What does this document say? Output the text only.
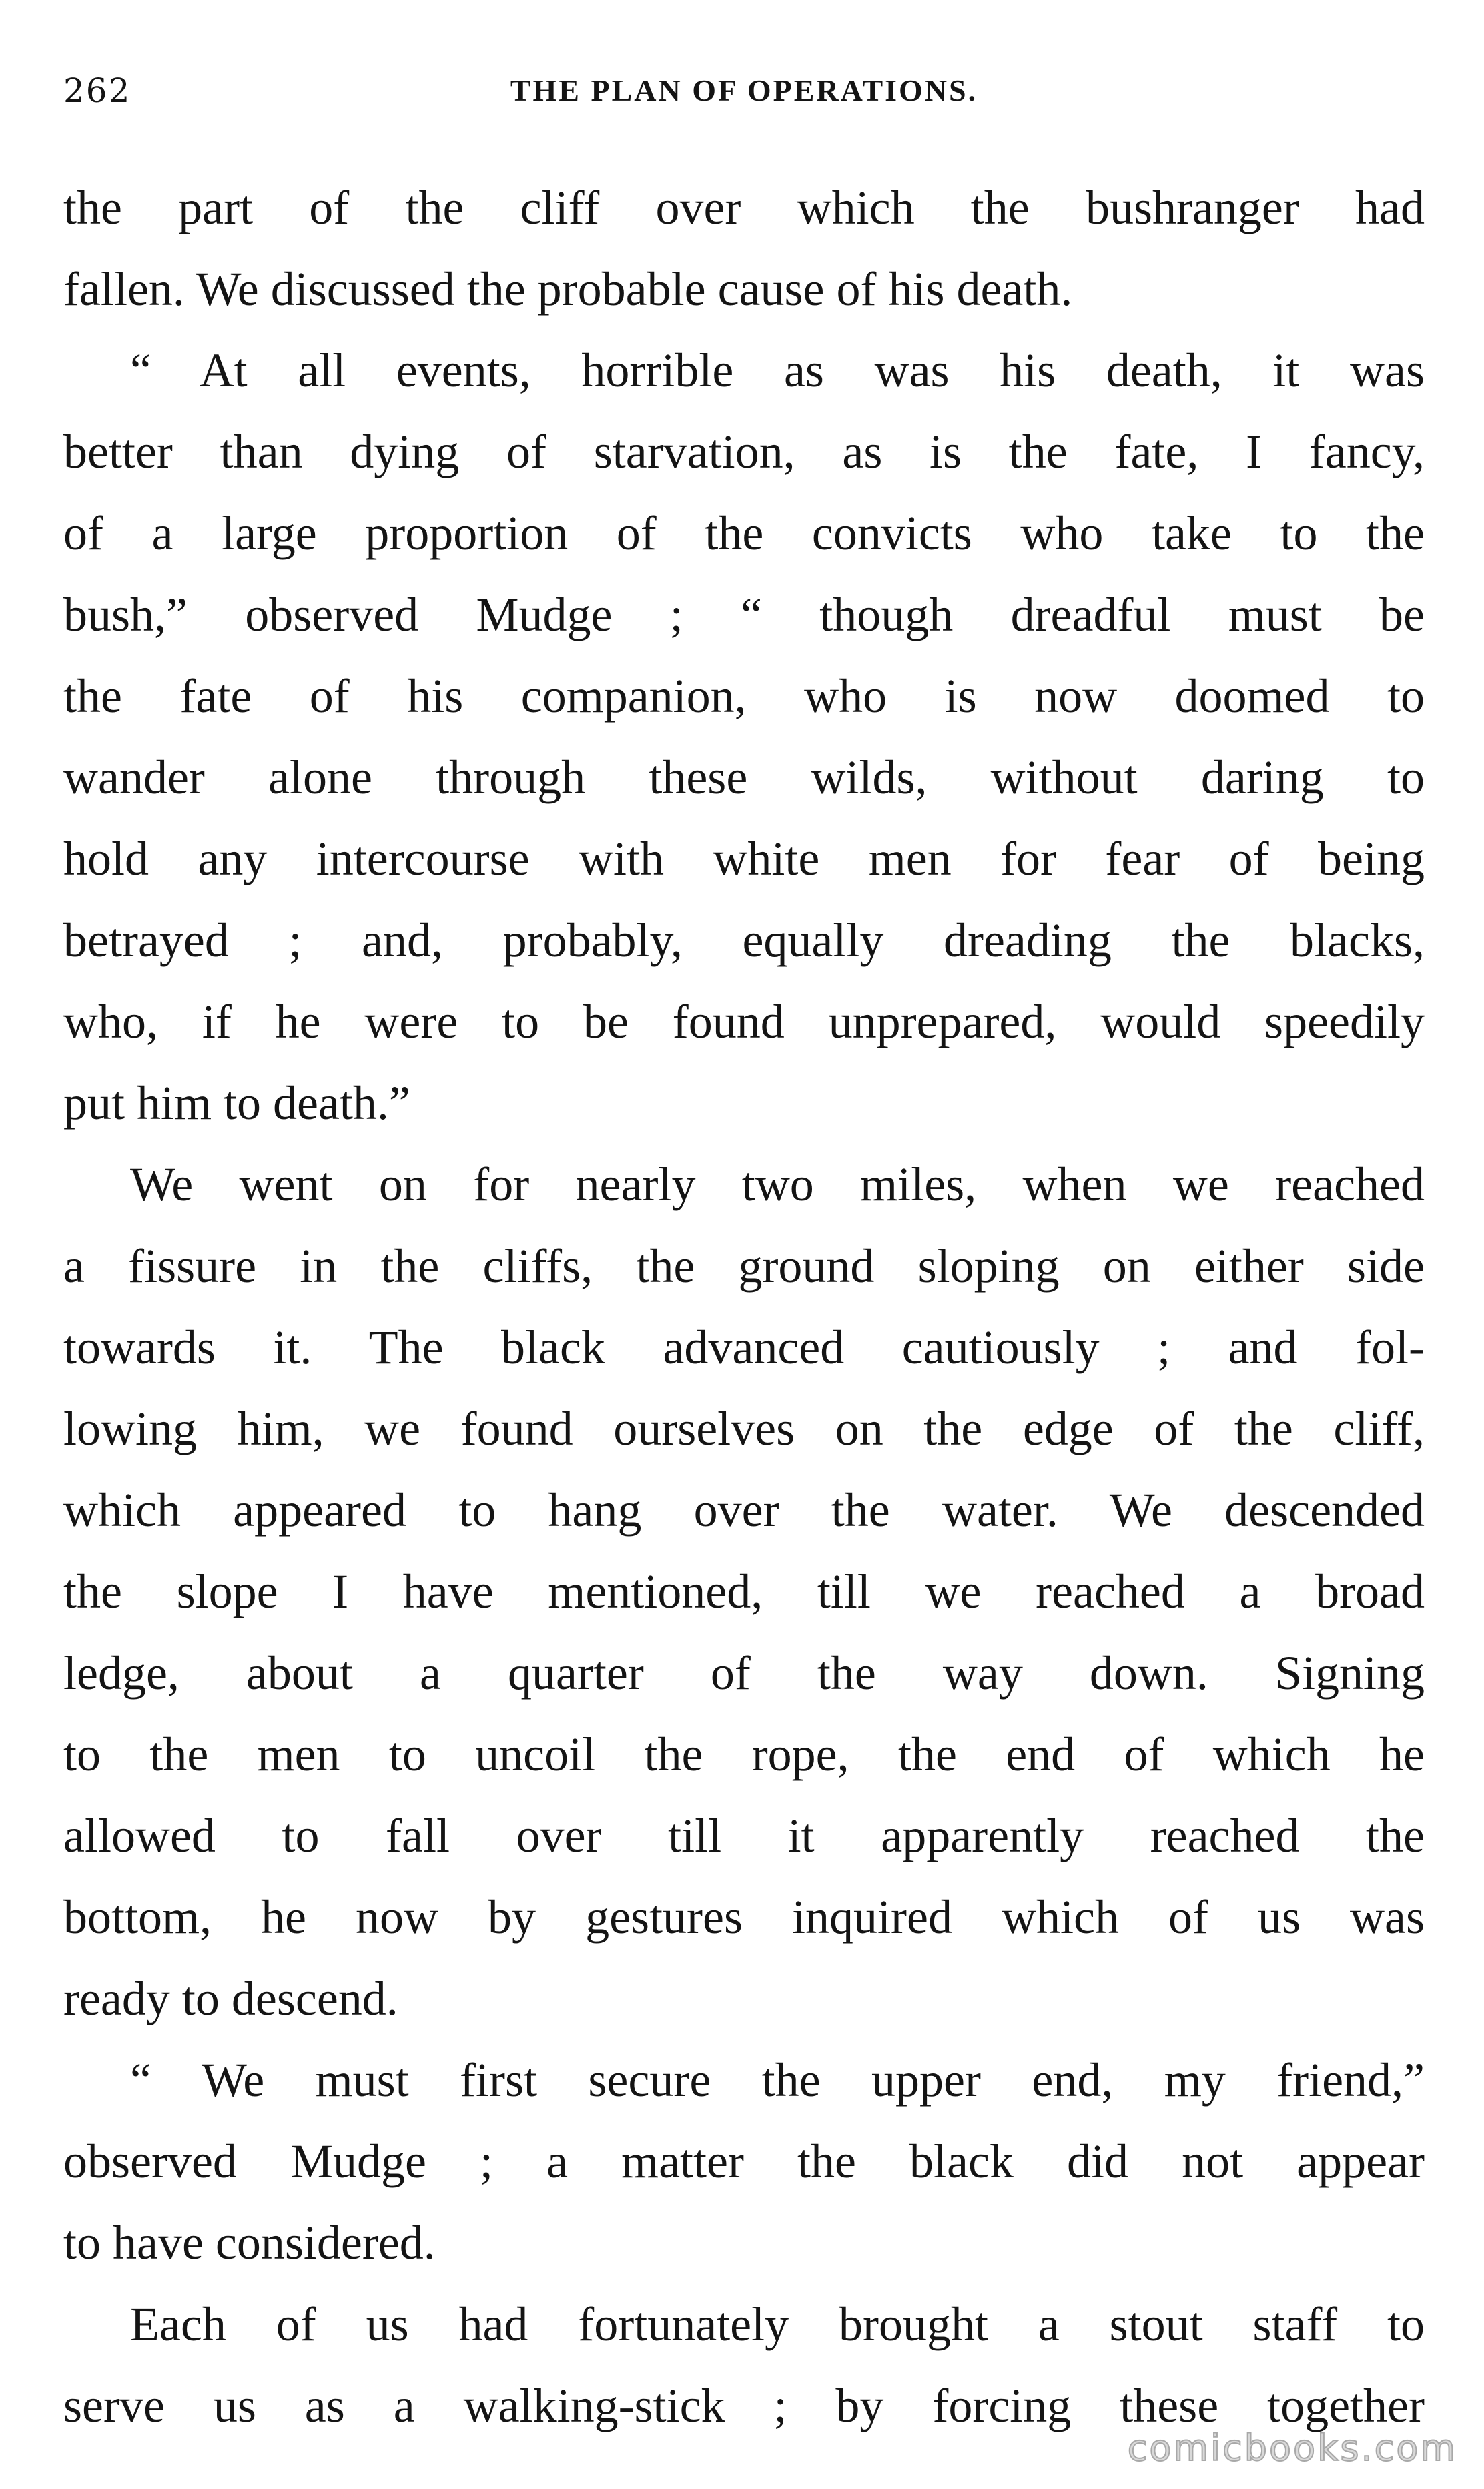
262	THE PLAN OF OPERATIONS.
the part of the cliff over which the bushranger had
fallen. We discussed the probable cause of his death.
“ At all events, horrible as was his death, it was
better than dying of starvation, as is the fate, I fancy,
of a large proportion of the convicts who take to the
bush,” observed Mudge ; “ though dreadful must be
the fate of his companion, who is now doomed to
wander alone through these wilds, without daring to
hold any intercourse with white men for fear of being
betrayed ; and, probably, equally dreading the blacks,
who, if he were to be found unprepared, would speedily
put him to death.”
We went on for nearly two miles, when we reached
a fissure in the cliffs, the ground sloping on either side
towards it. The black advanced cautiously ; and fol-
lowing him, we found ourselves on the edge of the cliff,
which appeared to hang over the water. We descended
the slope I have mentioned, till we reached a broad
ledge, about a quarter of the way down. Signing
to the men to uncoil the rope, the end of which he
allowed to fall over till it apparently reached the
bottom, he now by gestures inquired which of us was
ready to descend.
“ We must first secure the upper end, my friend,”
observed Mudge ; a matter the black did not appear
to have considered.
Each of us had fortunately brought a stout staff to
serve us as a walking-stick ; by forcing these together
comicbooks.com
